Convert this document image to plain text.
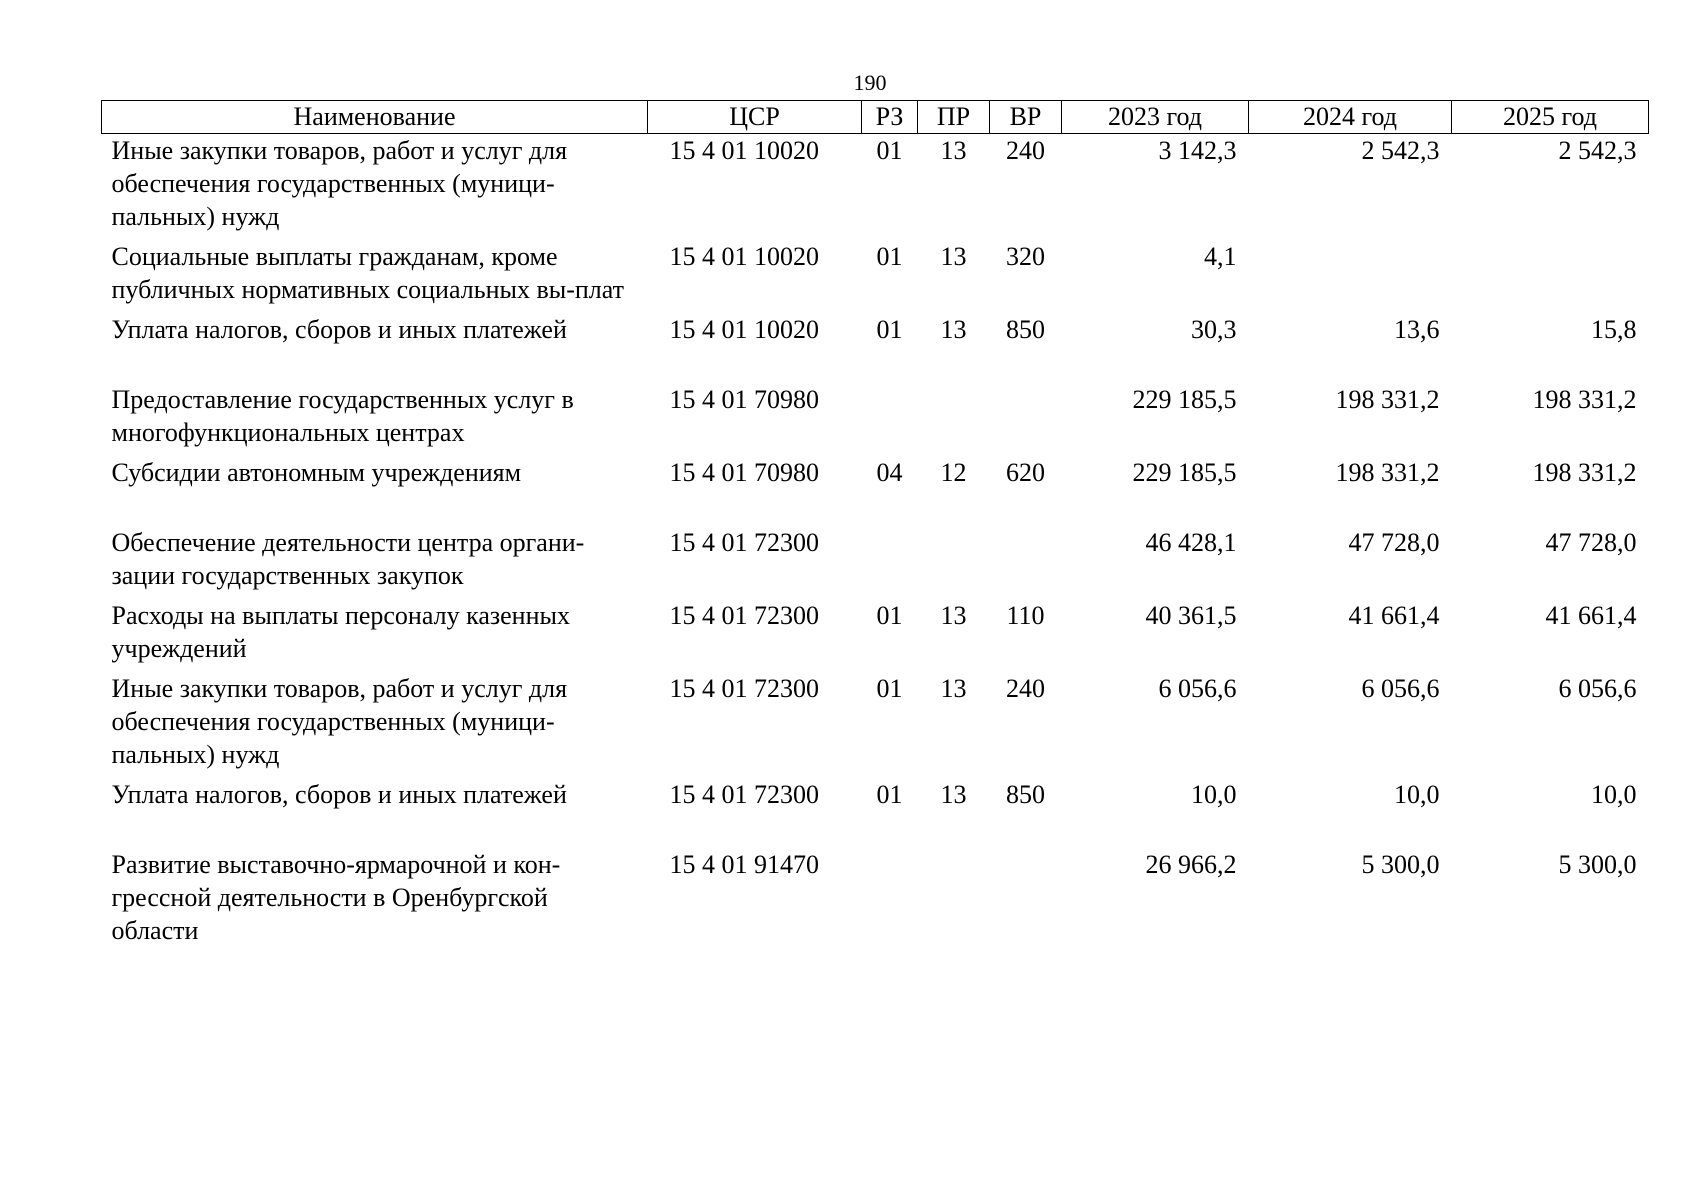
190
Наименование	ЦСР	РЗ	ПР	ВР	2023 год	2024 год	2025 год
Иные закупки товаров, работ и услуг для обеспечения государственных (муници-пальных) нужд	15 4 01 10020	01	13	240	3 142,3	2 542,3	2 542,3
Социальные выплаты гражданам, кроме публичных нормативных социальных вы-плат	15 4 01 10020	01	13	320	4,1		
Уплата налогов, сборов и иных платежей	15 4 01 10020	01	13	850	30,3	13,6	15,8
Предоставление государственных услуг в многофункциональных центрах	15 4 01 70980				229 185,5	198 331,2	198 331,2
Субсидии автономным учреждениям	15 4 01 70980	04	12	620	229 185,5	198 331,2	198 331,2
Обеспечение деятельности центра органи-зации государственных закупок	15 4 01 72300				46 428,1	47 728,0	47 728,0
Расходы на выплаты персоналу казенных учреждений	15 4 01 72300	01	13	110	40 361,5	41 661,4	41 661,4
Иные закупки товаров, работ и услуг для обеспечения государственных (муници-пальных) нужд	15 4 01 72300	01	13	240	6 056,6	6 056,6	6 056,6
Уплата налогов, сборов и иных платежей	15 4 01 72300	01	13	850	10,0	10,0	10,0
Развитие выставочно-ярмарочной и кон-грессной деятельности в Оренбургской области	15 4 01 91470				26 966,2	5 300,0	5 300,0
